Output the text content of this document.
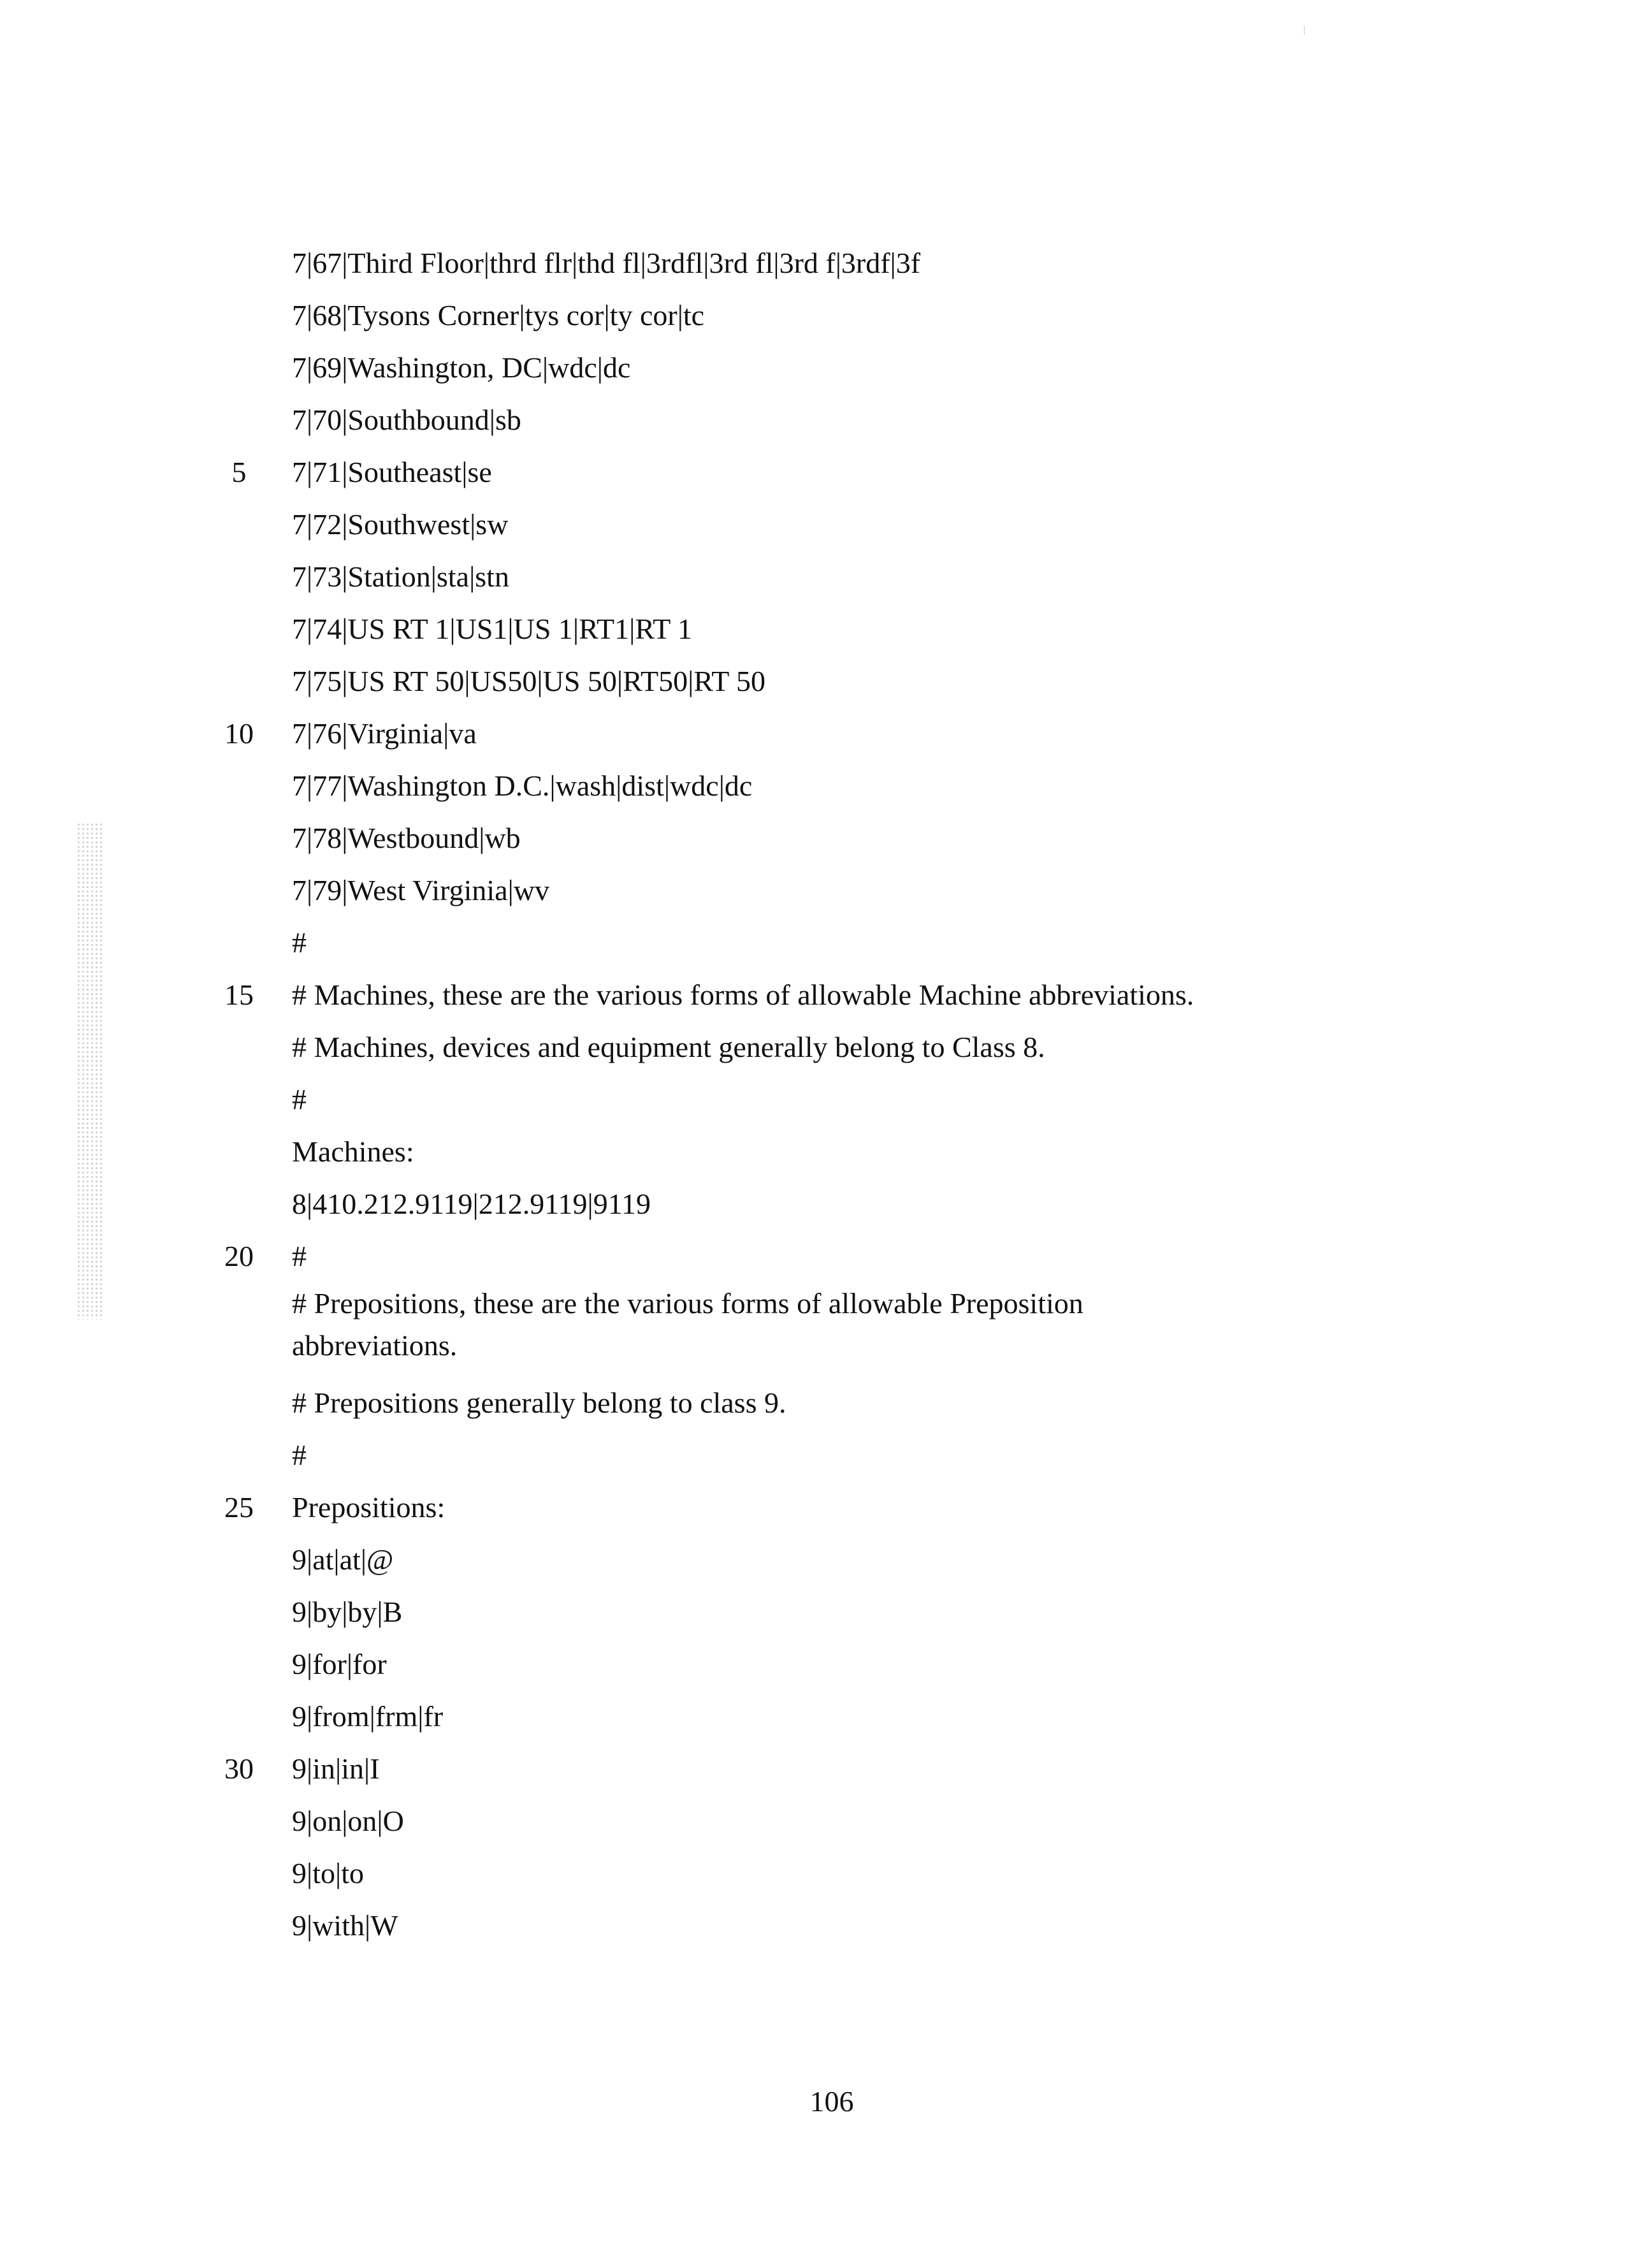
7|67|Third Floor|thrd flr|thd fl|3rdfl|3rd fl|3rd f|3rdf|3f
7|68|Tysons Corner|tys cor|ty cor|tc
7|69|Washington, DC|wdc|dc
7|70|Southbound|sb
5	7|71|Southeast|se
7|72|Southwest|sw
7|73|Station|sta|stn
7|74|US RT 1|US1|US 1|RT1|RT 1
7|75|US RT 50|US50|US 50|RT50|RT 50
10 7|76|Virginia|va
7|77|Washington D.C.|wash|dist|wdc|dc
7|78|Westbound|wb
7|79|West Virginia|wv
#
15 # Machines, these are the various forms of allowable Machine abbreviations.
# Machines, devices and equipment generally belong to Class 8.
#
Machines:
8|410.212.9119|212.9119|9119
20 #
# Prepositions, these are the various forms of allowable Preposition abbreviations.
# Prepositions generally belong to class 9.
#
25 Prepositions:
9|at|at|@
9|by|by|B
9|for|for
9|from|frm|fr
30 9|in|in|I
9|on|on|O
9|to|to
9|with|W
106
